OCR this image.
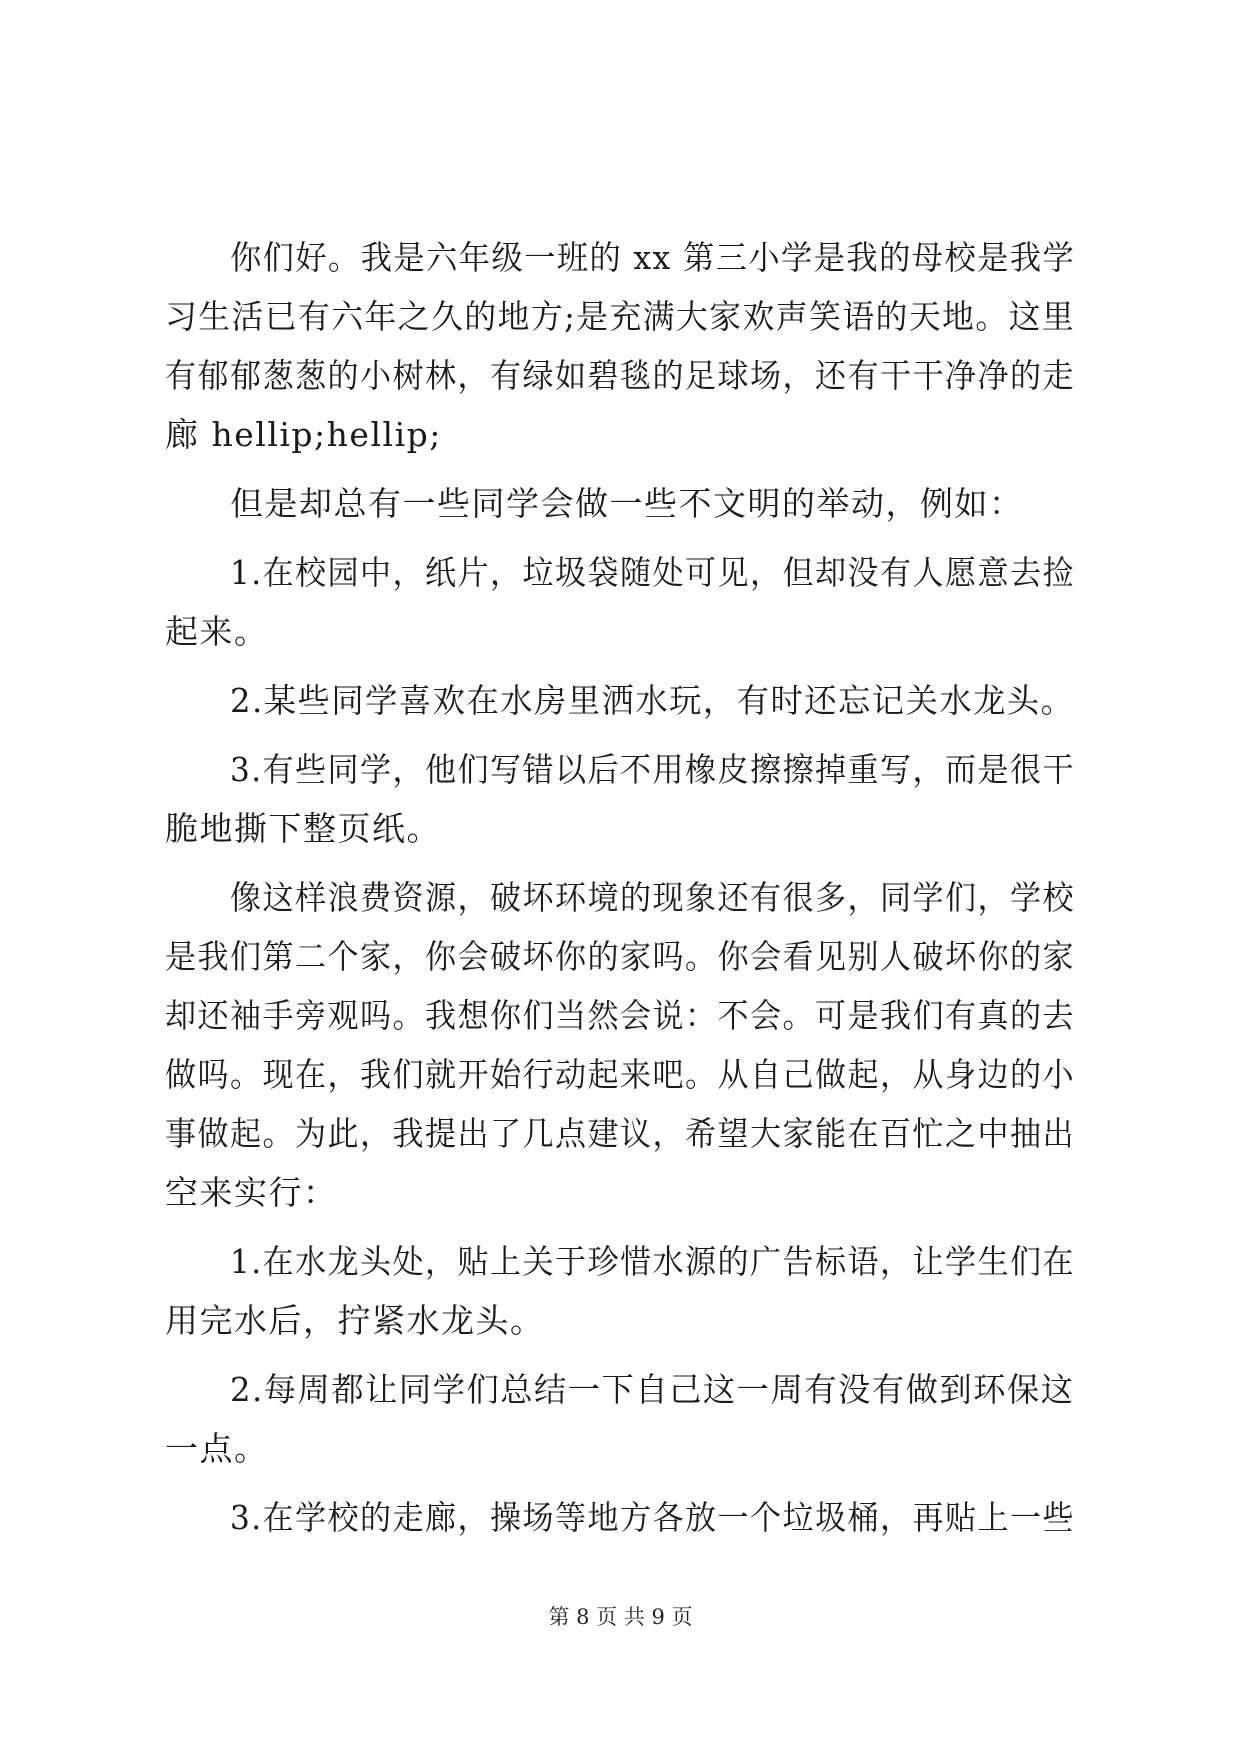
你们好。我是六年级一班的 xx 第三小学是我的母校是我学
习生活已有六年之久的地方;是充满大家欢声笑语的天地。这里
有郁郁葱葱的小树林，有绿如碧毯的足球场，还有干干净净的走
廊 hellip;hellip;
但是却总有一些同学会做一些不文明的举动，例如：
1.在校园中，纸片，垃圾袋随处可见，但却没有人愿意去捡
起来。
2.某些同学喜欢在水房里洒水玩，有时还忘记关水龙头。
3.有些同学，他们写错以后不用橡皮擦擦掉重写，而是很干
脆地撕下整页纸。
像这样浪费资源，破坏环境的现象还有很多，同学们，学校
是我们第二个家，你会破坏你的家吗。你会看见别人破坏你的家
却还袖手旁观吗。我想你们当然会说：不会。可是我们有真的去
做吗。现在，我们就开始行动起来吧。从自己做起，从身边的小
事做起。为此，我提出了几点建议，希望大家能在百忙之中抽出
空来实行：
1.在水龙头处，贴上关于珍惜水源的广告标语，让学生们在
用完水后，拧紧水龙头。
2.每周都让同学们总结一下自己这一周有没有做到环保这
一点。
3.在学校的走廊，操场等地方各放一个垃圾桶，再贴上一些
第 8 页 共 9 页
